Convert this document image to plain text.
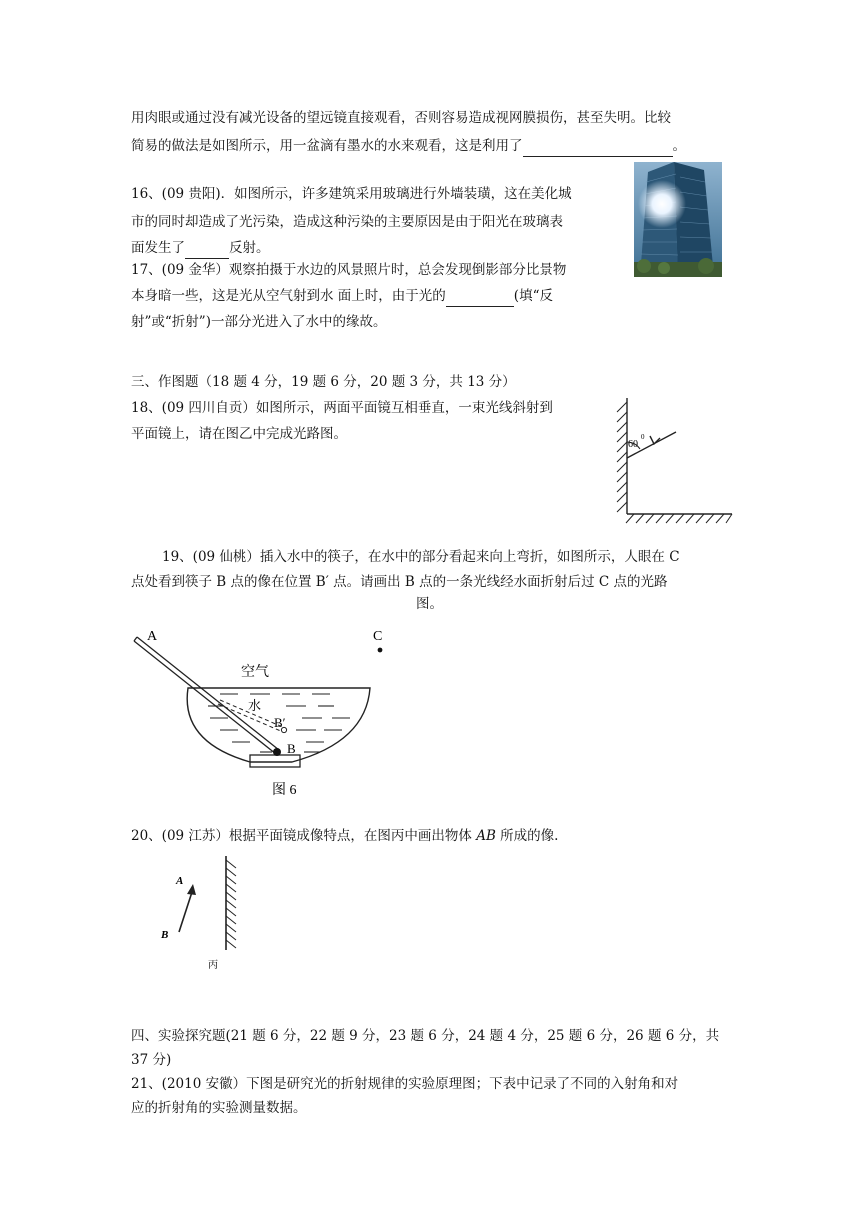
用肉眼或通过没有减光设备的望远镜直接观看，否则容易造成视网膜损伤，甚至失明。比较
简易的做法是如图所示，用一盆滴有墨水的水来观看，这是利用了	。
16、(09 贵阳)．如图所示，许多建筑采用玻璃进行外墙装璜，这在美化城
市的同时却造成了光污染，造成这种污染的主要原因是由于阳光在玻璃表
面发生了	反射。
17、(09 金华）观察拍摄于水边的风景照片时，总会发现倒影部分比景物
本身暗一些，这是光从空气射到水 面上时，由于光的	(填“反
射”或“折射”)一部分光进入了水中的缘故。
三、作图题（18 题 4 分，19 题 6 分，20 题 3 分，共 13 分）
18、(09 四川自贡）如图所示，两面平面镜互相垂直，一束光线斜射到
平面镜上，请在图乙中完成光路图。
60
0
19、(09 仙桃）插入水中的筷子，在水中的部分看起来向上弯折，如图所示，人眼在 C
点处看到筷子 B 点的像在位置 B′ 点。请画出 B 点的一条光线经水面折射后过 C 点的光路
图。
A	C
空气
水
B′
B
图 6
20、(09 江苏）根据平面镜成像特点，在图丙中画出物体 AB 所成的像.
A
B
丙
四、实验探究题(21 题 6 分，22 题 9 分，23 题 6 分，24 题 4 分，25 题 6 分，26 题 6 分，共
37 分)
21、(2010 安徽）下图是研究光的折射规律的实验原理图；下表中记录了不同的入射角和对
应的折射角的实验测量数据。
